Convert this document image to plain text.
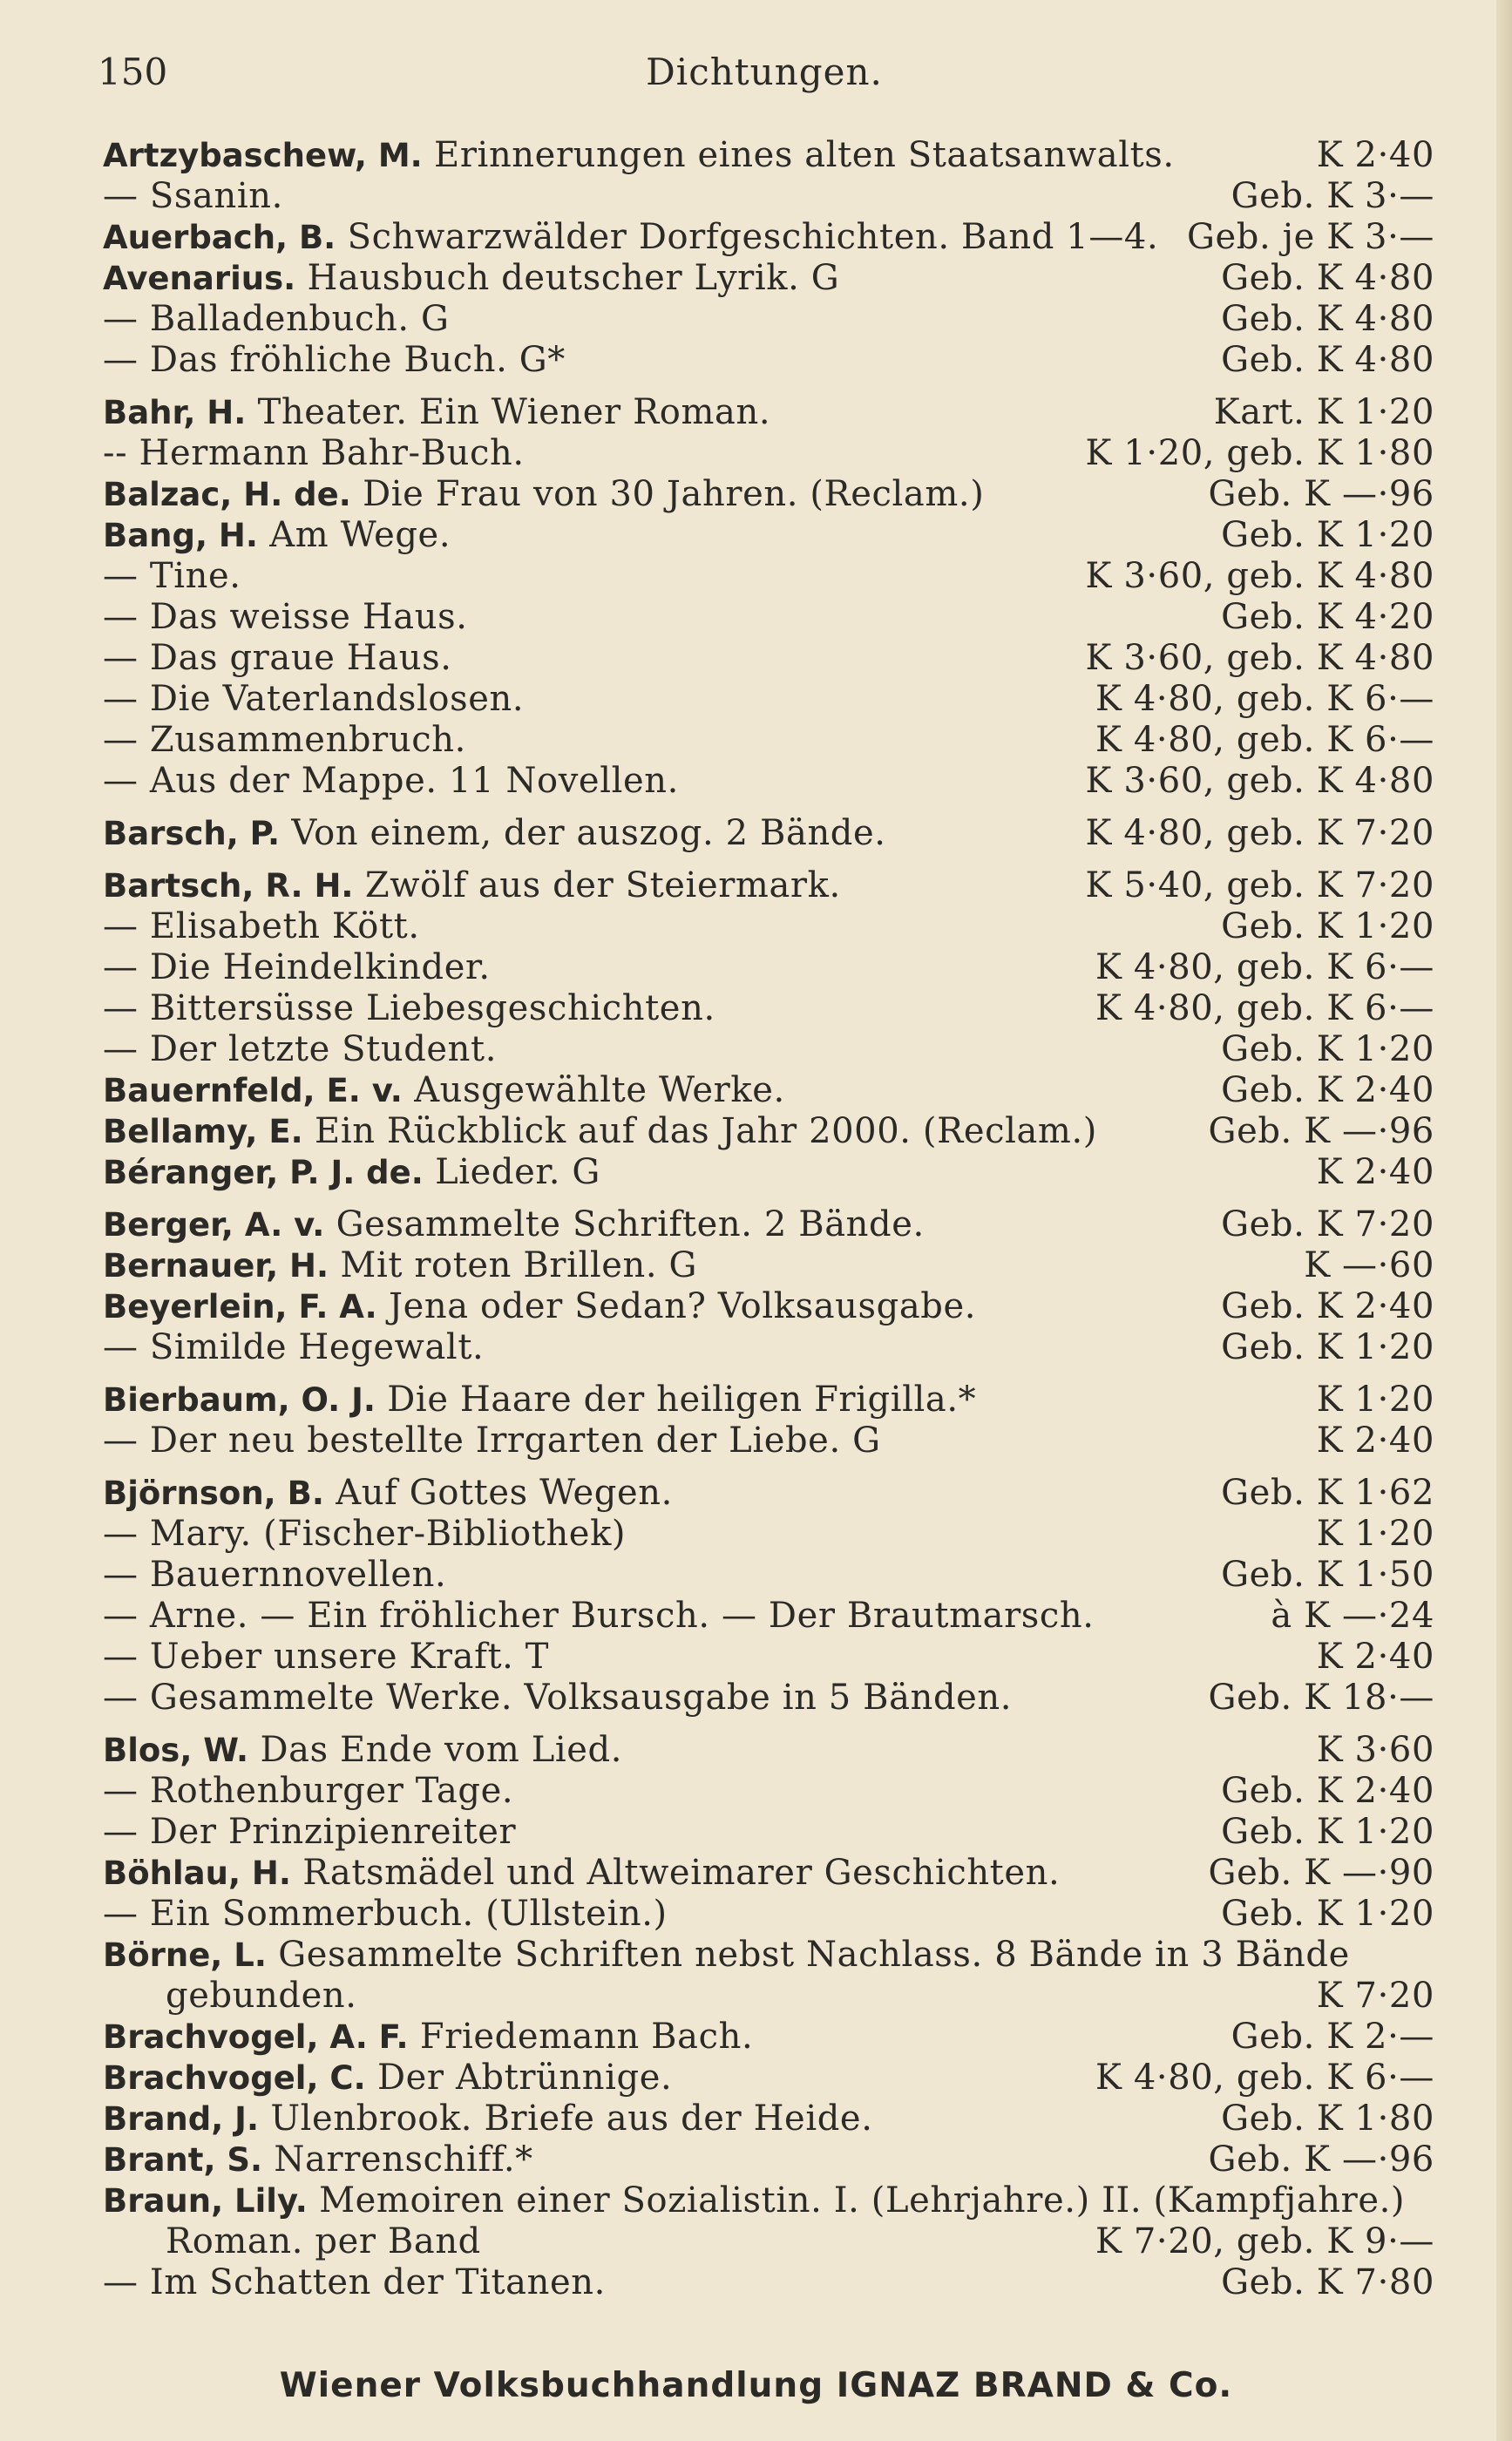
150	Dichtungen.
Artzybaschew, M. Erinnerungen eines alten Staatsanwalts.	K 2·40
— Ssanin.	Geb. K 3·—
Auerbach, B. Schwarzwälder Dorfgeschichten. Band 1—4. Geb. je K 3·—
Avenarius. Hausbuch deutscher Lyrik. G	Geb. K 4·80
— Balladenbuch. G	Geb. K 4·80
— Das fröhliche Buch. G*	Geb. K 4·80
Bahr, H. Theater. Ein Wiener Roman.	Kart. K 1·20
-- Hermann Bahr-Buch.	K 1·20, geb. K 1·80
Balzac, H. de. Die Frau von 30 Jahren. (Reclam.)	Geb. K —·96
Bang, H. Am Wege.	Geb. K 1·20
— Tine.	K 3·60, geb. K 4·80
— Das weisse Haus.	Geb. K 4·20
— Das graue Haus.	K 3·60, geb. K 4·80
— Die Vaterlandslosen.	K 4·80, geb. K 6·—
— Zusammenbruch.	K 4·80, geb. K 6·—
— Aus der Mappe. 11 Novellen.	K 3·60, geb. K 4·80
Barsch, P. Von einem, der auszog. 2 Bände.	K 4·80, geb. K 7·20
Bartsch, R. H. Zwölf aus der Steiermark.	K 5·40, geb. K 7·20
— Elisabeth Kött.	Geb. K 1·20
— Die Heindelkinder.	K 4·80, geb. K 6·—
— Bittersüsse Liebesgeschichten.	K 4·80, geb. K 6·—
— Der letzte Student.	Geb. K 1·20
Bauernfeld, E. v. Ausgewählte Werke.	Geb. K 2·40
Bellamy, E. Ein Rückblick auf das Jahr 2000. (Reclam.)	Geb. K —·96
Béranger, P. J. de. Lieder. G	K 2·40
Berger, A. v. Gesammelte Schriften. 2 Bände.	Geb. K 7·20
Bernauer, H. Mit roten Brillen. G	K —·60
Beyerlein, F. A. Jena oder Sedan? Volksausgabe.	Geb. K 2·40
— Similde Hegewalt.	Geb. K 1·20
Bierbaum, O. J. Die Haare der heiligen Frigilla.*	K 1·20
— Der neu bestellte Irrgarten der Liebe. G	K 2·40
Björnson, B. Auf Gottes Wegen.	Geb. K 1·62
— Mary. (Fischer-Bibliothek)	K 1·20
— Bauernnovellen.	Geb. K 1·50
— Arne. — Ein fröhlicher Bursch. — Der Brautmarsch.	à K —·24
— Ueber unsere Kraft. T	K 2·40
— Gesammelte Werke. Volksausgabe in 5 Bänden.	Geb. K 18·—
Blos, W. Das Ende vom Lied.	K 3·60
— Rothenburger Tage.	Geb. K 2·40
— Der Prinzipienreiter	Geb. K 1·20
Böhlau, H. Ratsmädel und Altweimarer Geschichten.	Geb. K —·90
— Ein Sommerbuch. (Ullstein.)	Geb. K 1·20
Börne, L. Gesammelte Schriften nebst Nachlass. 8 Bände in 3 Bände
gebunden.	K 7·20
Brachvogel, A. F. Friedemann Bach.	Geb. K 2·—
Brachvogel, C. Der Abtrünnige.	K 4·80, geb. K 6·—
Brand, J. Ulenbrook. Briefe aus der Heide.	Geb. K 1·80
Brant, S. Narrenschiff.*	Geb. K —·96
Braun, Lily. Memoiren einer Sozialistin. I. (Lehrjahre.) II. (Kampfjahre.)
Roman. per Band	K 7·20, geb. K 9·—
— Im Schatten der Titanen.	Geb. K 7·80
Wiener Volksbuchhandlung IGNAZ BRAND & Co.
